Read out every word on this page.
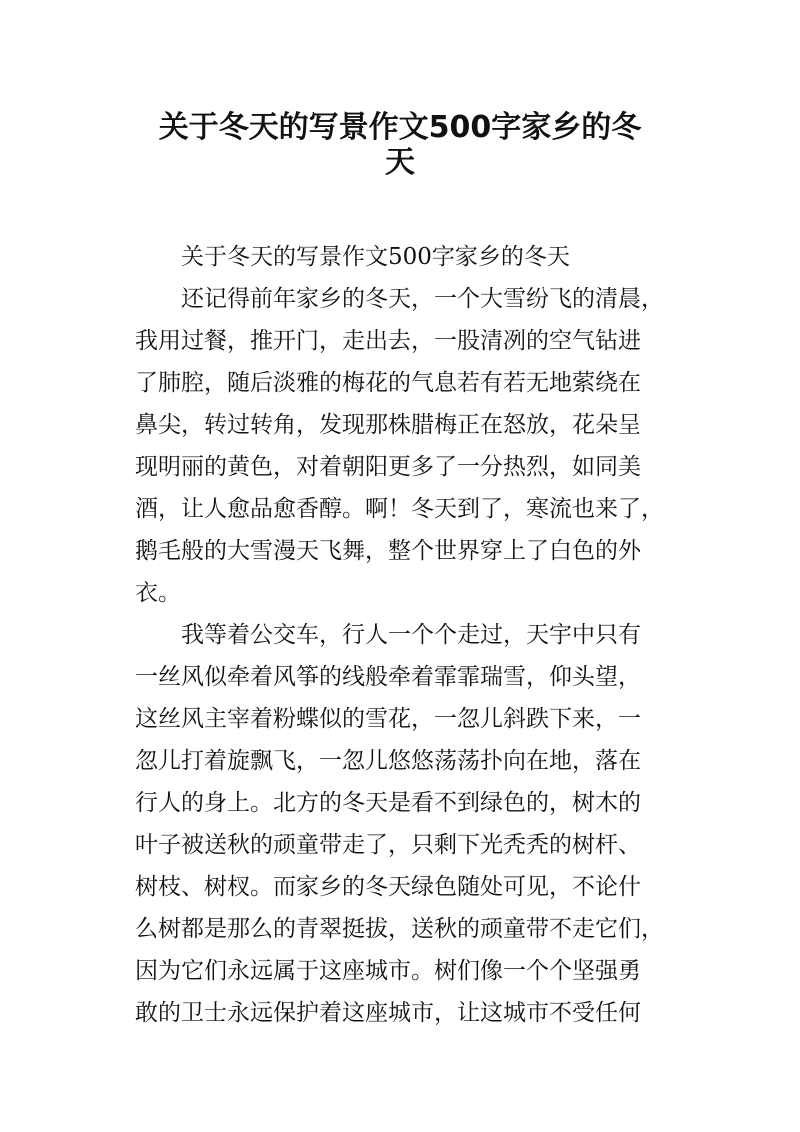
关于冬天的写景作文500字家乡的冬
天
关于冬天的写景作文500字家乡的冬天
还记得前年家乡的冬天，一个大雪纷飞的清晨，
我用过餐，推开门，走出去，一股清冽的空气钻进
了肺腔，随后淡雅的梅花的气息若有若无地萦绕在
鼻尖，转过转角，发现那株腊梅正在怒放，花朵呈
现明丽的黄色，对着朝阳更多了一分热烈，如同美
酒，让人愈品愈香醇。啊！冬天到了，寒流也来了，
鹅毛般的大雪漫天飞舞，整个世界穿上了白色的外
衣。
我等着公交车，行人一个个走过，天宇中只有
一丝风似牵着风筝的线般牵着霏霏瑞雪，仰头望，
这丝风主宰着粉蝶似的雪花，一忽儿斜跌下来，一
忽儿打着旋飘飞，一忽儿悠悠荡荡扑向在地，落在
行人的身上。北方的冬天是看不到绿色的，树木的
叶子被送秋的顽童带走了，只剩下光秃秃的树杆、
树枝、树杈。而家乡的冬天绿色随处可见，不论什
么树都是那么的青翠挺拔，送秋的顽童带不走它们，
因为它们永远属于这座城市。树们像一个个坚强勇
敢的卫士永远保护着这座城市，让这城市不受任何
